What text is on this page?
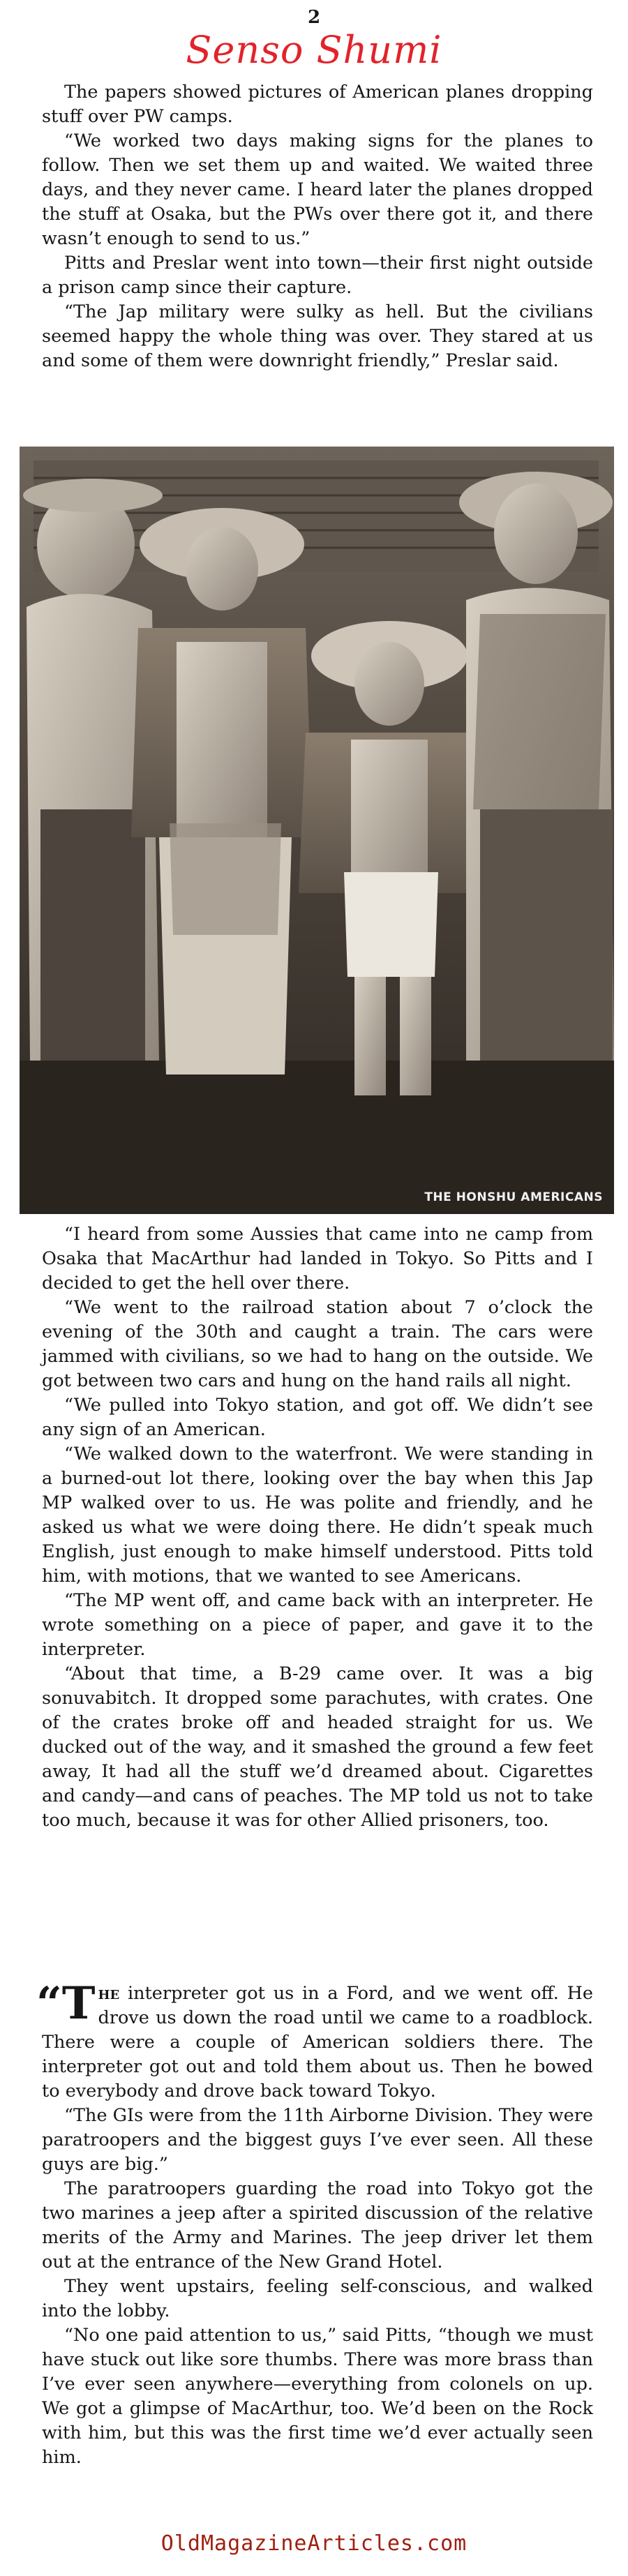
2
Senso Shumi

The papers showed pictures of American planes dropping stuff over PW camps.

“We worked two days making signs for the planes to follow. Then we set them up and waited. We waited three days, and they never came. I heard later the planes dropped the stuff at Osaka, but the PWs over there got it, and there wasn’t enough to send to us.”

Pitts and Preslar went into town—their first night outside a prison camp since their capture.

“The Jap military were sulky as hell. But the civilians seemed happy the whole thing was over. They stared at us and some of them were downright friendly,” Preslar said.

THE HONSHU AMERICANS

“I heard from some Aussies that came into ne camp from Osaka that MacArthur had landed in Tokyo. So Pitts and I decided to get the hell over there.

“We went to the railroad station about 7 o’clock the evening of the 30th and caught a train. The cars were jammed with civilians, so we had to hang on the outside. We got between two cars and hung on the hand rails all night.

“We pulled into Tokyo station, and got off. We didn’t see any sign of an American.

“We walked down to the waterfront. We were standing in a burned-out lot there, looking over the bay when this Jap MP walked over to us. He was polite and friendly, and he asked us what we were doing there. He didn’t speak much English, just enough to make himself understood. Pitts told him, with motions, that we wanted to see Americans.

“The MP went off, and came back with an interpreter. He wrote something on a piece of paper, and gave it to the interpreter.

“About that time, a B-29 came over. It was a big sonuvabitch. It dropped some parachutes, with crates. One of the crates broke off and headed straight for us. We ducked out of the way, and it smashed the ground a few feet away, It had all the stuff we’d dreamed about. Cigarettes and candy—and cans of peaches. The MP told us not to take too much, because it was for other Allied prisoners, too.

“The interpreter got us in a Ford, and we went off. He drove us down the road until we came to a roadblock. There were a couple of American soldiers there. The interpreter got out and told them about us. Then he bowed to everybody and drove back toward Tokyo.

“The GIs were from the 11th Airborne Division. They were paratroopers and the biggest guys I’ve ever seen. All these guys are big.”

The paratroopers guarding the road into Tokyo got the two marines a jeep after a spirited discussion of the relative merits of the Army and Marines. The jeep driver let them out at the entrance of the New Grand Hotel.

They went upstairs, feeling self-conscious, and walked into the lobby.

“No one paid attention to us,” said Pitts, “though we must have stuck out like sore thumbs. There was more brass than I’ve ever seen anywhere—everything from colonels on up. We got a glimpse of MacArthur, too. We’d been on the Rock with him, but this was the first time we’d ever actually seen him.

OldMagazineArticles.com
